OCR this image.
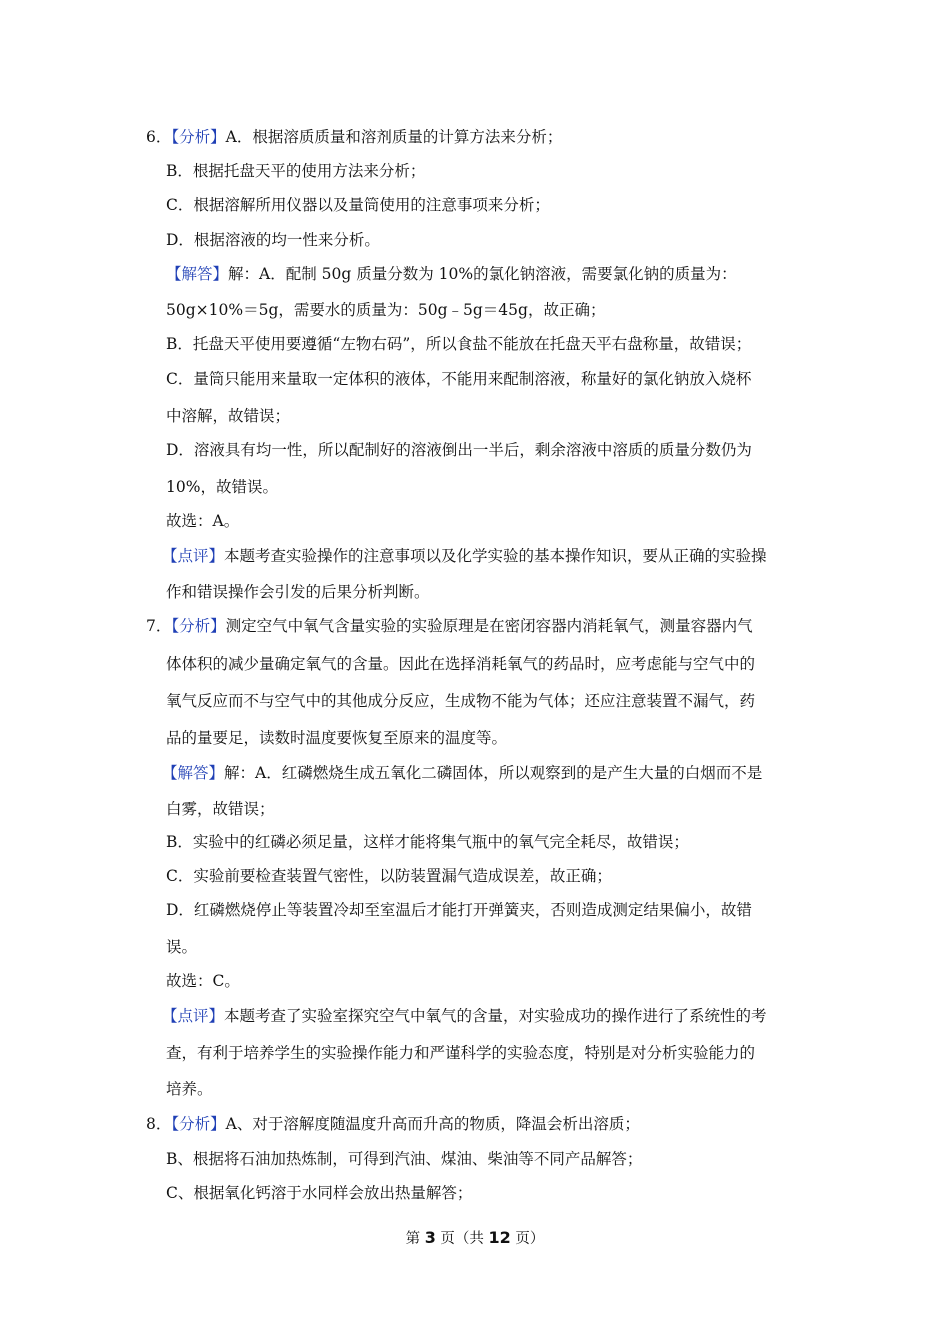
6．【分析】A．根据溶质质量和溶剂质量的计算方法来分析；
B．根据托盘天平的使用方法来分析；
C．根据溶解所用仪器以及量筒使用的注意事项来分析；
D．根据溶液的均一性来分析。
【解答】解：A．配制 50g 质量分数为 10%的氯化钠溶液，需要氯化钠的质量为：
50g×10%＝5g，需要水的质量为：50g﹣5g＝45g，故正确；
B．托盘天平使用要遵循“左物右码”，所以食盐不能放在托盘天平右盘称量，故错误；
C．量筒只能用来量取一定体积的液体，不能用来配制溶液，称量好的氯化钠放入烧杯
中溶解，故错误；
D．溶液具有均一性，所以配制好的溶液倒出一半后，剩余溶液中溶质的质量分数仍为
10%，故错误。
故选：A。
【点评】本题考查实验操作的注意事项以及化学实验的基本操作知识，要从正确的实验操
作和错误操作会引发的后果分析判断。
7．【分析】测定空气中氧气含量实验的实验原理是在密闭容器内消耗氧气，测量容器内气
体体积的减少量确定氧气的含量。因此在选择消耗氧气的药品时，应考虑能与空气中的
氧气反应而不与空气中的其他成分反应，生成物不能为气体；还应注意装置不漏气，药
品的量要足，读数时温度要恢复至原来的温度等。
【解答】解：A．红磷燃烧生成五氧化二磷固体，所以观察到的是产生大量的白烟而不是
白雾，故错误；
B．实验中的红磷必须足量，这样才能将集气瓶中的氧气完全耗尽，故错误；
C．实验前要检查装置气密性，以防装置漏气造成误差，故正确；
D．红磷燃烧停止等装置冷却至室温后才能打开弹簧夹，否则造成测定结果偏小，故错
误。
故选：C。
【点评】本题考查了实验室探究空气中氧气的含量，对实验成功的操作进行了系统性的考
查，有利于培养学生的实验操作能力和严谨科学的实验态度，特别是对分析实验能力的
培养。
8．【分析】A、对于溶解度随温度升高而升高的物质，降温会析出溶质；
B、根据将石油加热炼制，可得到汽油、煤油、柴油等不同产品解答；
C、根据氧化钙溶于水同样会放出热量解答；
第 3 页（共 12 页）
